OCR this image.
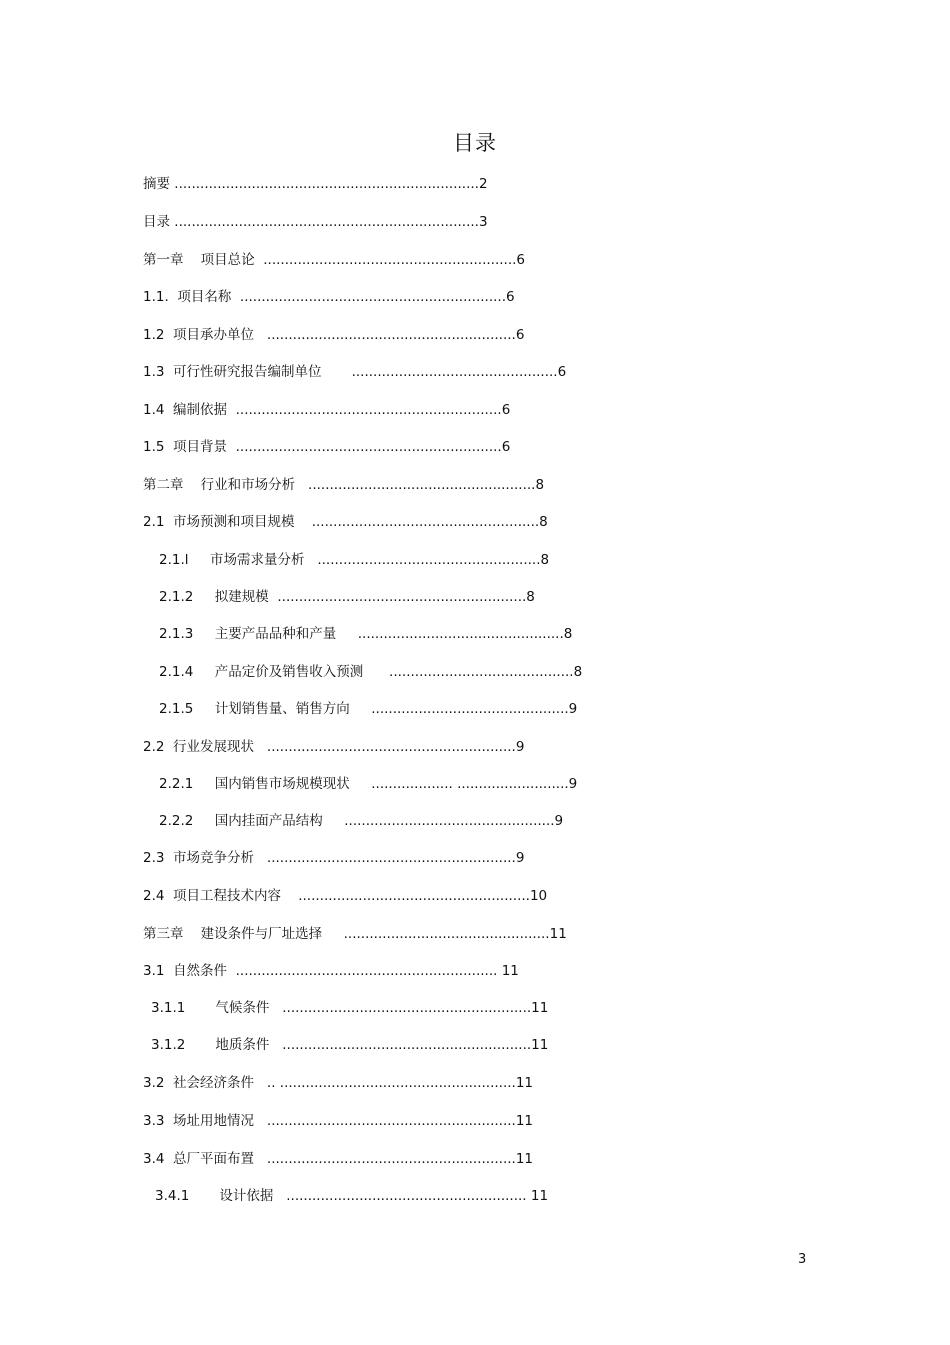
目录
摘要 .......................................................................2
目录 .......................................................................3
第一章    项目总论  ...........................................................6
1.1.  项目名称  ..............................................................6
1.2  项目承办单位   ..........................................................6
1.3  可行性研究报告编制单位       ................................................6
1.4  编制依据  ..............................................................6
1.5  项目背景  ..............................................................6
第二章    行业和市场分析   .....................................................8
2.1  市场预测和项目规模    .....................................................8
2.1.l     市场需求量分析   ....................................................8
2.1.2     拟建规模  ..........................................................8
2.1.3     主要产品品种和产量     ................................................8
2.1.4     产品定价及销售收入预测      ...........................................8
2.1.5     计划销售量、销售方向     ..............................................9
2.2  行业发展现状   ..........................................................9
2.2.1     国内销售市场规模现状     ................... ..........................9
2.2.2     国内挂面产品结构     .................................................9
2.3  市场竞争分析   ..........................................................9
2.4  项目工程技术内容    ......................................................10
第三章    建设条件与厂址选择     ................................................11
3.1  自然条件  ............................................................. 11
3.1.1       气候条件   ..........................................................11
3.1.2       地质条件   ..........................................................11
3.2  社会经济条件   .. .......................................................11
3.3  场址用地情况   ..........................................................11
3.4  总厂平面布置   ..........................................................11
3.4.1       设计依据   ........................................................ 11
3
